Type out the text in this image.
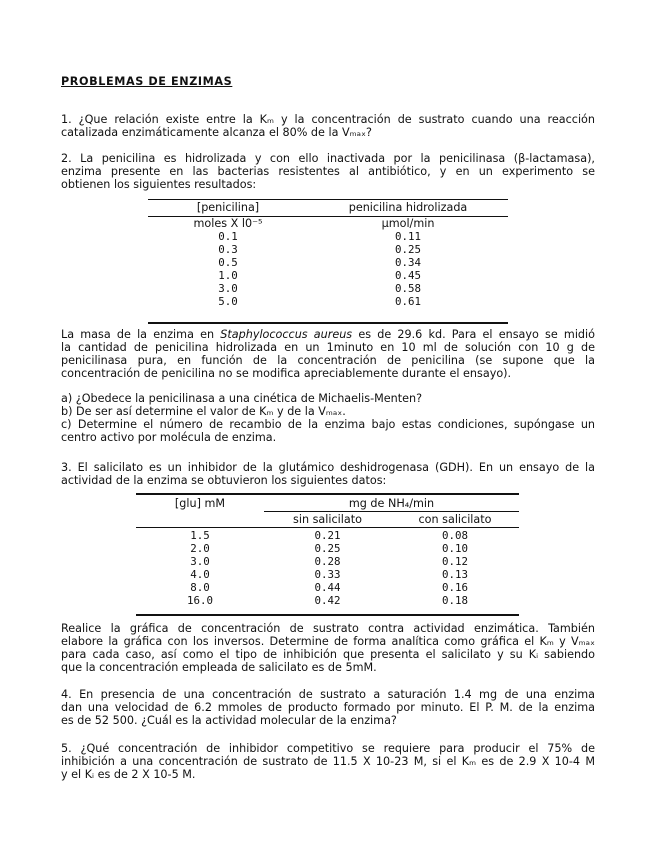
PROBLEMAS DE ENZIMAS
1. ¿Que relación existe entre la Kₘ y la concentración de sustrato cuando una reacción
catalizada enzimáticamente alcanza el 80% de la Vₘₐₓ?
2. La penicilina es hidrolizada y con ello inactivada por la penicilinasa (β-lactamasa),
enzima presente en las bacterias resistentes al antibiótico, y en un experimento se
obtienen los siguientes resultados:
[penicilina]	penicilina hidrolizada
moles X l0⁻⁵	µmol/min
0.1	0.11
0.3	0.25
0.5	0.34
1.0	0.45
3.0	0.58
5.0	0.61
La masa de la enzima en Staphylococcus aureus es de 29.6 kd. Para el ensayo se midió
la cantidad de penicilina hidrolizada en un 1minuto en 10 ml de solución con 10 g de
penicilinasa pura, en función de la concentración de penicilina (se supone que la
concentración de penicilina no se modifica apreciablemente durante el ensayo).
a) ¿Obedece la penicilinasa a una cinética de Michaelis-Menten?
b) De ser así determine el valor de Kₘ y de la Vₘₐₓ.
c) Determine el número de recambio de la enzima bajo estas condiciones, supóngase un
centro activo por molécula de enzima.
3. El salicilato es un inhibidor de la glutámico deshidrogenasa (GDH). En un ensayo de la
actividad de la enzima se obtuvieron los siguientes datos:
[glu] mM	mg de NH₄/min
sin salicilato	con salicilato
1.5	0.21	0.08
2.0	0.25	0.10
3.0	0.28	0.12
4.0	0.33	0.13
8.0	0.44	0.16
16.0	0.42	0.18
Realice la gráfica de concentración de sustrato contra actividad enzimática. También
elabore la gráfica con los inversos. Determine de forma analítica como gráfica el Kₘ y Vₘₐₓ
para cada caso, así como el tipo de inhibición que presenta el salicilato y su Kᵢ sabiendo
que la concentración empleada de salicilato es de 5mM.
4. En presencia de una concentración de sustrato a saturación 1.4 mg de una enzima
dan una velocidad de 6.2 mmoles de producto formado por minuto. El P. M. de la enzima
es de 52 500. ¿Cuál es la actividad molecular de la enzima?
5. ¿Qué concentración de inhibidor competitivo se requiere para producir el 75% de
inhibición a una concentración de sustrato de 11.5 X 10-23 M, si el Kₘ es de 2.9 X 10-4 M
y el Kᵢ es de 2 X 10-5 M.
